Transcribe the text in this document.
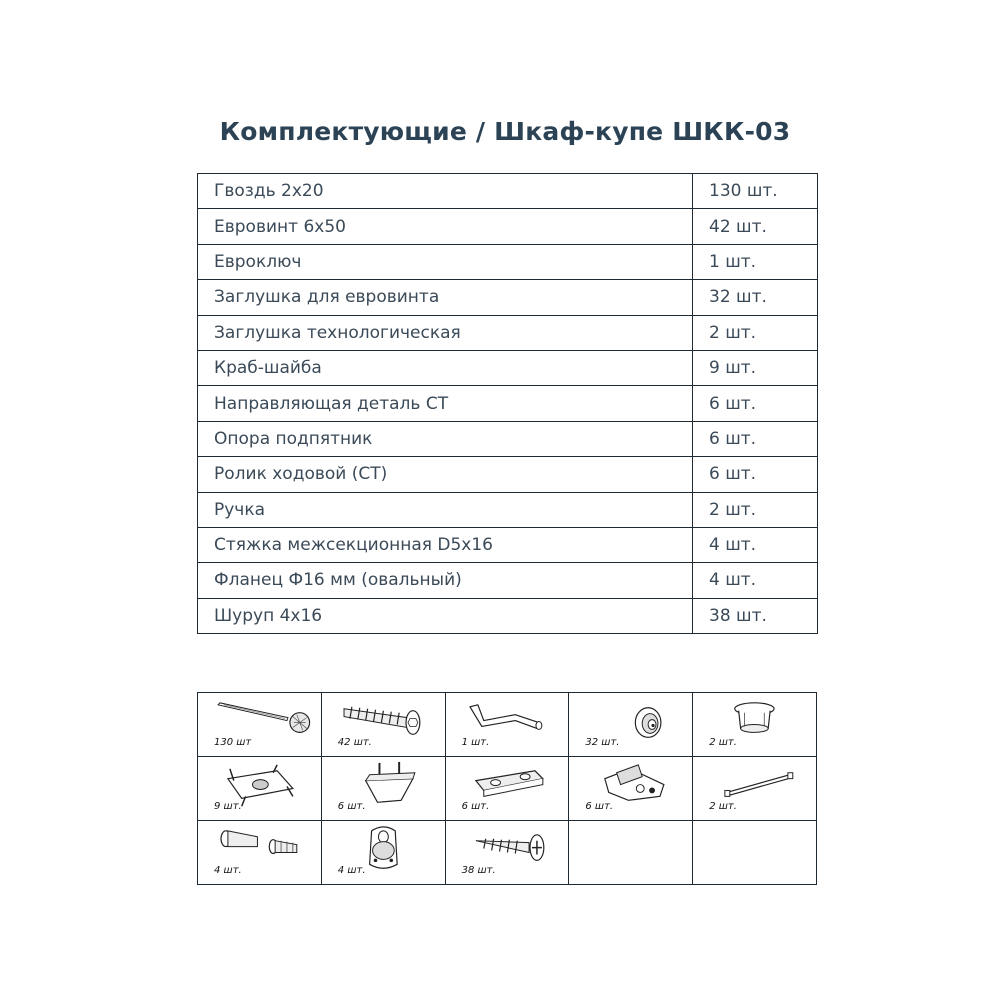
Комплектующие / Шкаф-купе ШКК-03
Гвоздь 2х20	130 шт.
Евровинт 6х50	42 шт.
Евроключ	1 шт.
Заглушка для евровинта	32 шт.
Заглушка технологическая	2 шт.
Краб-шайба	9 шт.
Направляющая деталь СТ	6 шт.
Опора подпятник	6 шт.
Ролик ходовой (СТ)	6 шт.
Ручка	2 шт.
Стяжка межсекционная D5х16	4 шт.
Фланец Ф16 мм (овальный)	4 шт.
Шуруп 4х16	38 шт.
130 шт	42 шт.	1 шт.	32 шт.	2 шт.
9 шт.	6 шт.	6 шт.	6 шт.	2 шт.
4 шт.	4 шт.	38 шт.
